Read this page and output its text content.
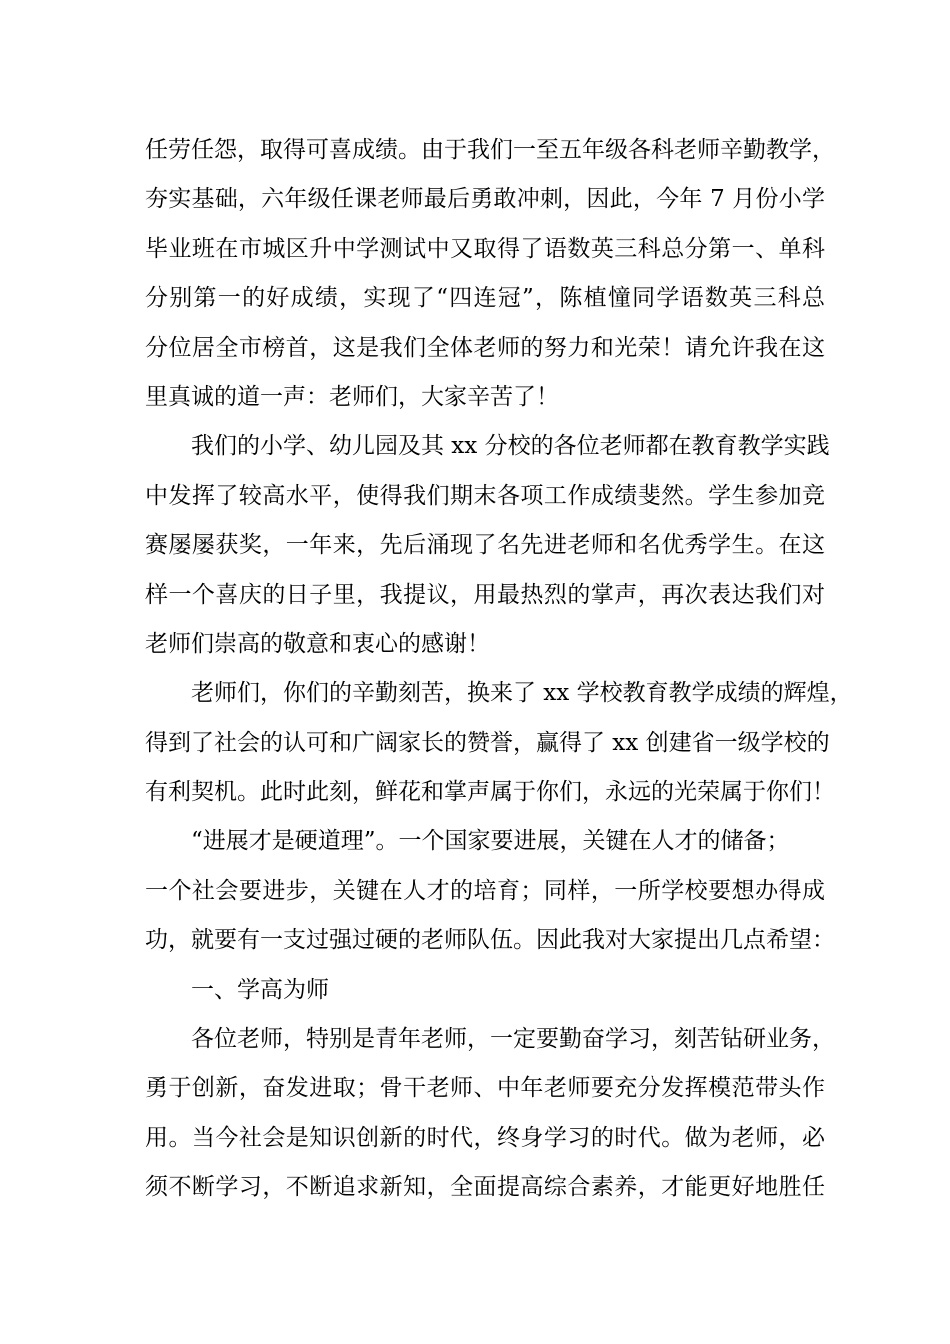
任劳任怨，取得可喜成绩。由于我们一至五年级各科老师辛勤教学，
夯实基础，六年级任课老师最后勇敢冲刺，因此，今年 7 月份小学
毕业班在市城区升中学测试中又取得了语数英三科总分第一、单科
分别第一的好成绩，实现了“四连冠”，陈植憧同学语数英三科总
分位居全市榜首，这是我们全体老师的努力和光荣！请允许我在这
里真诚的道一声：老师们，大家辛苦了！
我们的小学、幼儿园及其 xx 分校的各位老师都在教育教学实践
中发挥了较高水平，使得我们期末各项工作成绩斐然。学生参加竞
赛屡屡获奖，一年来，先后涌现了名先进老师和名优秀学生。在这
样一个喜庆的日子里，我提议，用最热烈的掌声，再次表达我们对
老师们崇高的敬意和衷心的感谢！
老师们，你们的辛勤刻苦，换来了 xx 学校教育教学成绩的辉煌，
得到了社会的认可和广阔家长的赞誉，赢得了 xx 创建省一级学校的
有利契机。此时此刻，鲜花和掌声属于你们，永远的光荣属于你们！
“进展才是硬道理”。一个国家要进展，关键在人才的储备；
一个社会要进步，关键在人才的培育；同样，一所学校要想办得成
功，就要有一支过强过硬的老师队伍。因此我对大家提出几点希望：
一、学高为师
各位老师，特别是青年老师，一定要勤奋学习，刻苦钻研业务，
勇于创新，奋发进取；骨干老师、中年老师要充分发挥模范带头作
用。当今社会是知识创新的时代，终身学习的时代。做为老师，必
须不断学习，不断追求新知，全面提高综合素养，才能更好地胜任
